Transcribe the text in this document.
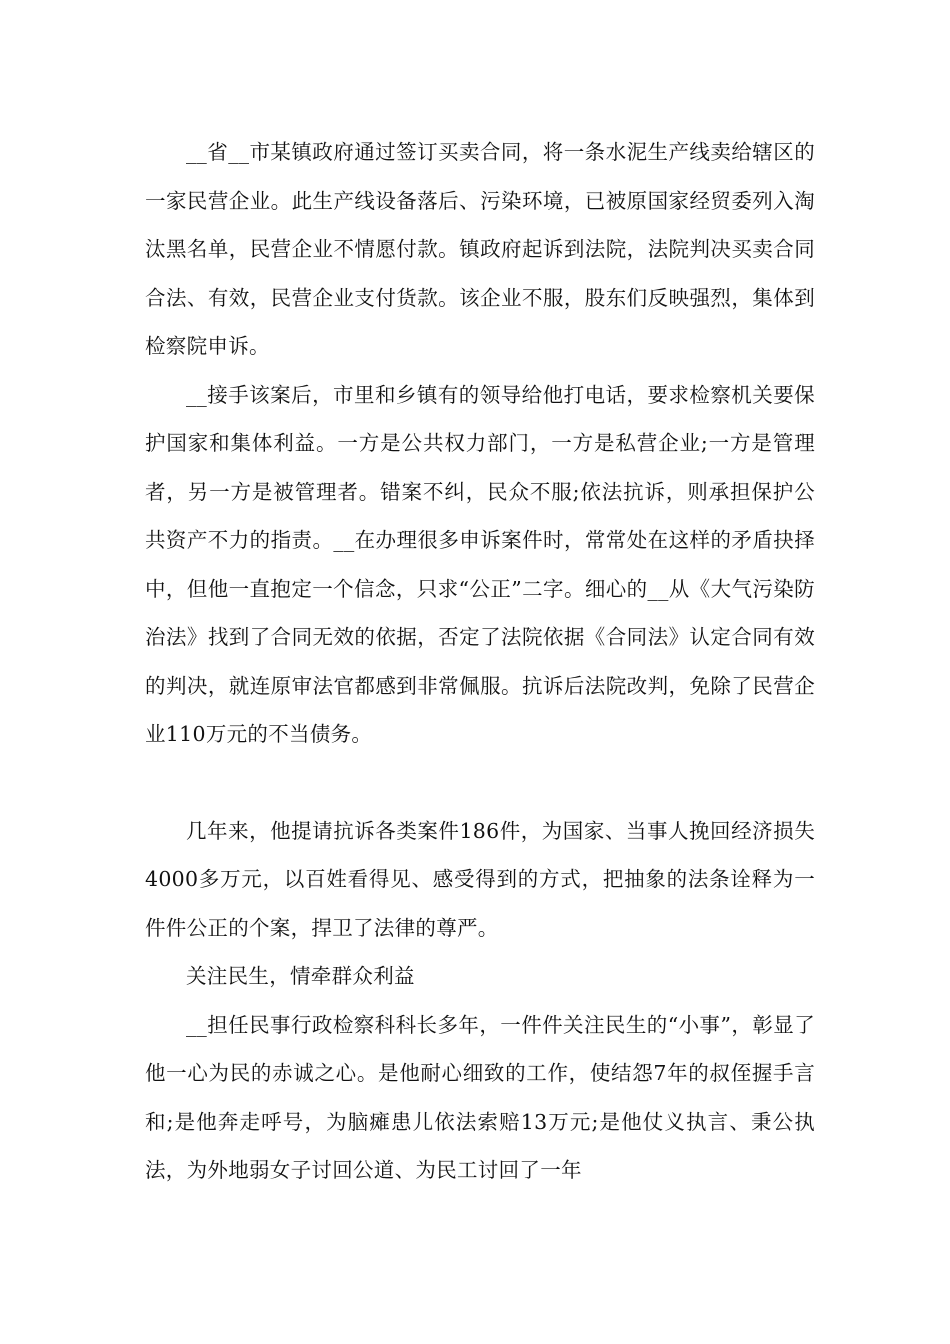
__省__市某镇政府通过签订买卖合同，将一条水泥生产线卖给辖区的一家民营企业。此生产线设备落后、污染环境，已被原国家经贸委列入淘汰黑名单，民营企业不情愿付款。镇政府起诉到法院，法院判决买卖合同合法、有效，民营企业支付货款。该企业不服，股东们反映强烈，集体到检察院申诉。

__接手该案后，市里和乡镇有的领导给他打电话，要求检察机关要保护国家和集体利益。一方是公共权力部门，一方是私营企业;一方是管理者，另一方是被管理者。错案不纠，民众不服;依法抗诉，则承担保护公共资产不力的指责。__在办理很多申诉案件时，常常处在这样的矛盾抉择中，但他一直抱定一个信念，只求“公正”二字。细心的__从《大气污染防治法》找到了合同无效的依据，否定了法院依据《合同法》认定合同有效的判决，就连原审法官都感到非常佩服。抗诉后法院改判，免除了民营企业110万元的不当债务。

几年来，他提请抗诉各类案件186件，为国家、当事人挽回经济损失4000多万元，以百姓看得见、感受得到的方式，把抽象的法条诠释为一件件公正的个案，捍卫了法律的尊严。

关注民生，情牵群众利益

__担任民事行政检察科科长多年，一件件关注民生的“小事”，彰显了他一心为民的赤诚之心。是他耐心细致的工作，使结怨7年的叔侄握手言和;是他奔走呼号，为脑瘫患儿依法索赔13万元;是他仗义执言、秉公执法，为外地弱女子讨回公道、为民工讨回了一年
